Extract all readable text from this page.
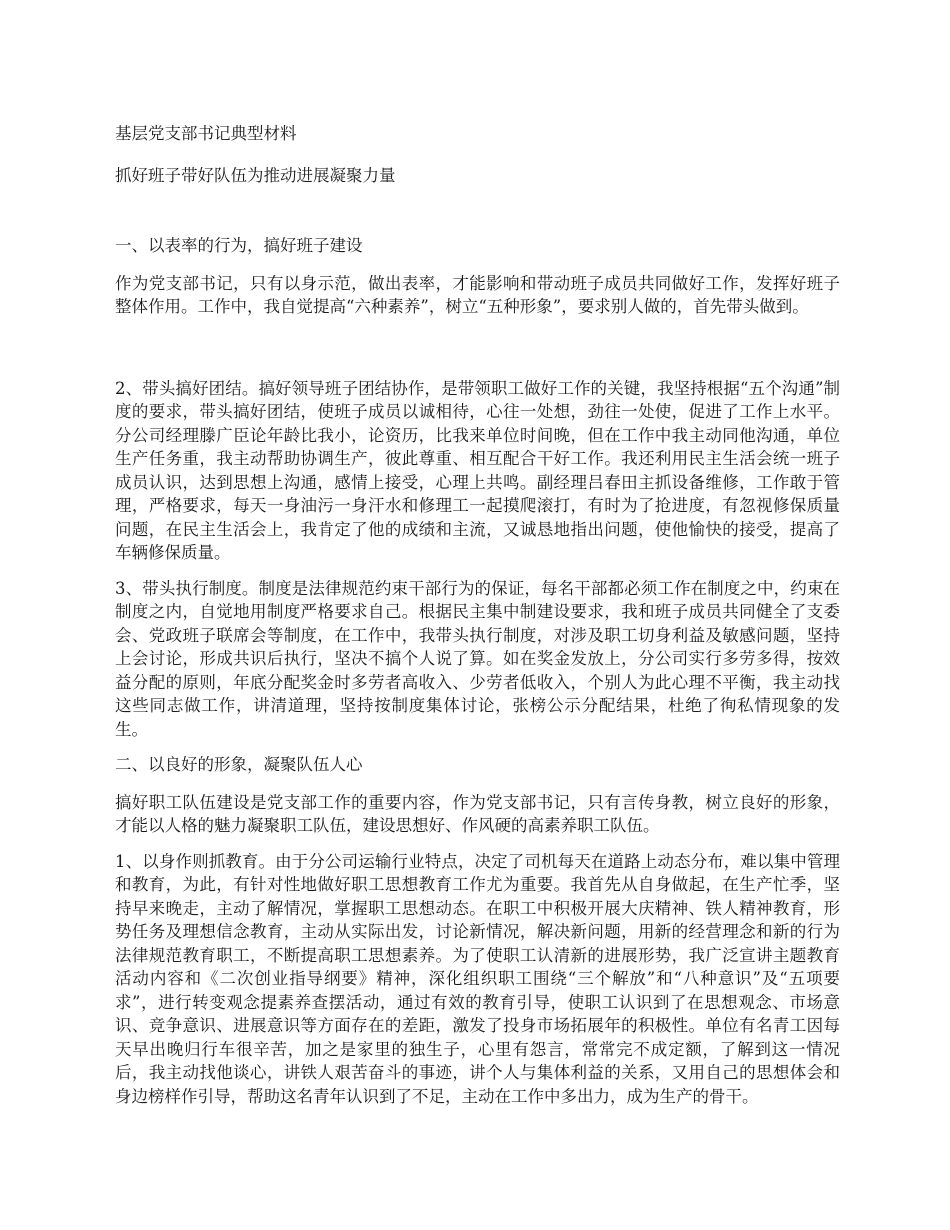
基层党支部书记典型材料
抓好班子带好队伍为推动进展凝聚力量
一、以表率的行为，搞好班子建设

作为党支部书记，只有以身示范，做出表率，才能影响和带动班子成员共同做好工作，发挥好班子整体作用。工作中，我自觉提高“六种素养”，树立“五种形象”，要求别人做的，首先带头做到。

2、带头搞好团结。搞好领导班子团结协作，是带领职工做好工作的关键，我坚持根据“五个沟通”制度的要求，带头搞好团结，使班子成员以诚相待，心往一处想，劲往一处使，促进了工作上水平。分公司经理滕广臣论年龄比我小，论资历，比我来单位时间晚，但在工作中我主动同他沟通，单位生产任务重，我主动帮助协调生产，彼此尊重、相互配合干好工作。我还利用民主生活会统一班子成员认识，达到思想上沟通，感情上接受，心理上共鸣。副经理吕春田主抓设备维修，工作敢于管理，严格要求，每天一身油污一身汗水和修理工一起摸爬滚打，有时为了抢进度，有忽视修保质量问题，在民主生活会上，我肯定了他的成绩和主流，又诚恳地指出问题，使他愉快的接受，提高了车辆修保质量。

3、带头执行制度。制度是法律规范约束干部行为的保证，每名干部都必须工作在制度之中，约束在制度之内，自觉地用制度严格要求自己。根据民主集中制建设要求，我和班子成员共同健全了支委会、党政班子联席会等制度，在工作中，我带头执行制度，对涉及职工切身利益及敏感问题，坚持上会讨论，形成共识后执行，坚决不搞个人说了算。如在奖金发放上，分公司实行多劳多得，按效益分配的原则，年底分配奖金时多劳者高收入、少劳者低收入，个别人为此心理不平衡，我主动找这些同志做工作，讲清道理，坚持按制度集体讨论，张榜公示分配结果，杜绝了徇私情现象的发生。

二、以良好的形象，凝聚队伍人心

搞好职工队伍建设是党支部工作的重要内容，作为党支部书记，只有言传身教，树立良好的形象，才能以人格的魅力凝聚职工队伍，建设思想好、作风硬的高素养职工队伍。

1、以身作则抓教育。由于分公司运输行业特点，决定了司机每天在道路上动态分布，难以集中管理和教育，为此，有针对性地做好职工思想教育工作尤为重要。我首先从自身做起，在生产忙季，坚持早来晚走，主动了解情况，掌握职工思想动态。在职工中积极开展大庆精神、铁人精神教育，形势任务及理想信念教育，主动从实际出发，讨论新情况，解决新问题，用新的经营理念和新的行为法律规范教育职工，不断提高职工思想素养。为了使职工认清新的进展形势，我广泛宣讲主题教育活动内容和《二次创业指导纲要》精神，深化组织职工围绕“三个解放”和“八种意识”及“五项要求”，进行转变观念提素养查摆活动，通过有效的教育引导，使职工认识到了在思想观念、市场意识、竞争意识、进展意识等方面存在的差距，激发了投身市场拓展年的积极性。单位有名青工因每天早出晚归行车很辛苦，加之是家里的独生子，心里有怨言，常常完不成定额，了解到这一情况后，我主动找他谈心，讲铁人艰苦奋斗的事迹，讲个人与集体利益的关系，又用自己的思想体会和身边榜样作引导，帮助这名青年认识到了不足，主动在工作中多出力，成为生产的骨干。
